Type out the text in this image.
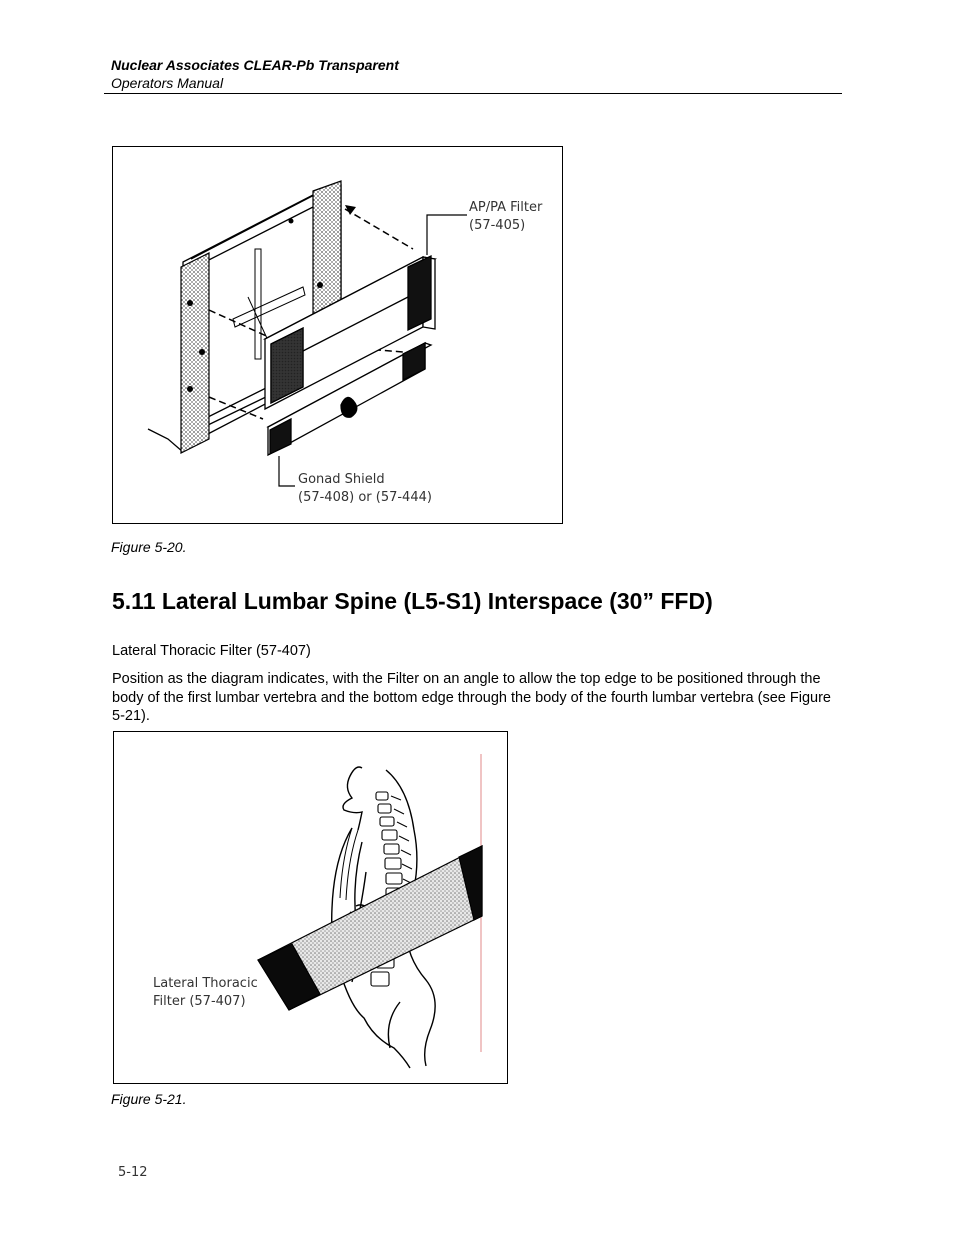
Nuclear Associates CLEAR-Pb Transparent
Operators Manual
AP/PA Filter
(57-405)
Gonad Shield
(57-408) or (57-444)
Figure 5-20.
5.11 Lateral Lumbar Spine (L5-S1) Interspace (30” FFD)

Lateral Thoracic Filter (57-407)

Position as the diagram indicates, with the Filter on an angle to allow the top edge to be positioned through the body of the first lumbar vertebra and the bottom edge through the body of the fourth lumbar vertebra (see Figure 5-21).

Lateral Thoracic
Filter (57-407)
Figure 5-21.
5-12
